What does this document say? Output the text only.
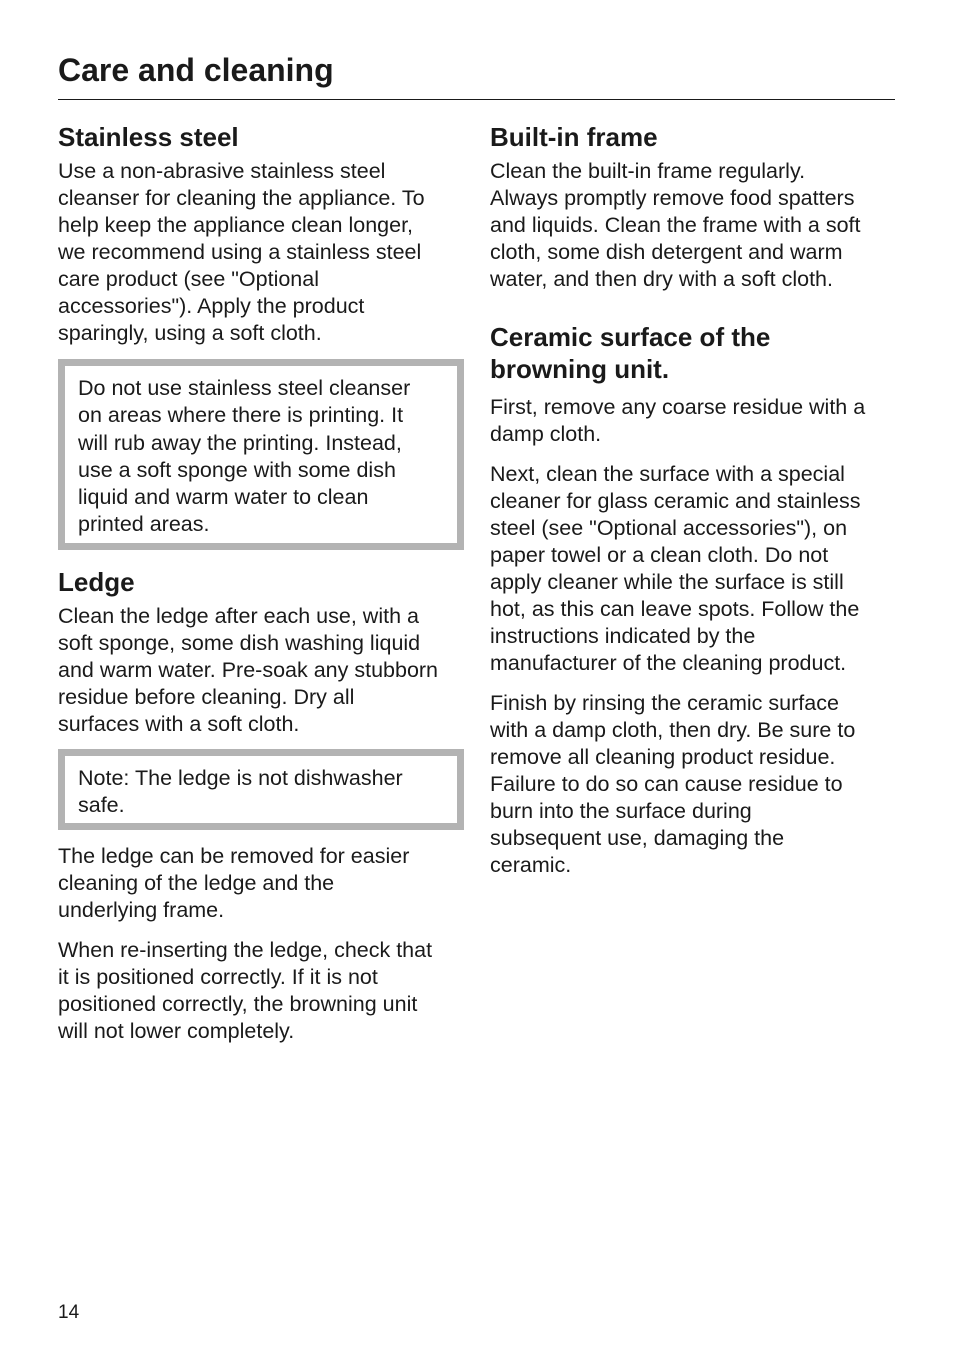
Care and cleaning
Stainless steel

Use a non-abrasive stainless steel
cleanser for cleaning the appliance. To
help keep the appliance clean longer,
we recommend using a stainless steel
care product (see "Optional
accessories"). Apply the product
sparingly, using a soft cloth.

Do not use stainless steel cleanser
on areas where there is printing. It
will rub away the printing. Instead,
use a soft sponge with some dish
liquid and warm water to clean
printed areas.

Ledge

Clean the ledge after each use, with a
soft sponge, some dish washing liquid
and warm water. Pre-soak any stubborn
residue before cleaning. Dry all
surfaces with a soft cloth.

Note: The ledge is not dishwasher
safe.

The ledge can be removed for easier
cleaning of the ledge and the
underlying frame.

When re-inserting the ledge, check that
it is positioned correctly. If it is not
positioned correctly, the browning unit
will not lower completely.

Built-in frame

Clean the built-in frame regularly.
Always promptly remove food spatters
and liquids. Clean the frame with a soft
cloth, some dish detergent and warm
water, and then dry with a soft cloth.

Ceramic surface of the
browning unit.

First, remove any coarse residue with a
damp cloth.

Next, clean the surface with a special
cleaner for glass ceramic and stainless
steel (see "Optional accessories"), on
paper towel or a clean cloth. Do not
apply cleaner while the surface is still
hot, as this can leave spots. Follow the
instructions indicated by the
manufacturer of the cleaning product.

Finish by rinsing the ceramic surface
with a damp cloth, then dry. Be sure to
remove all cleaning product residue.
Failure to do so can cause residue to
burn into the surface during
subsequent use, damaging the
ceramic.

14
